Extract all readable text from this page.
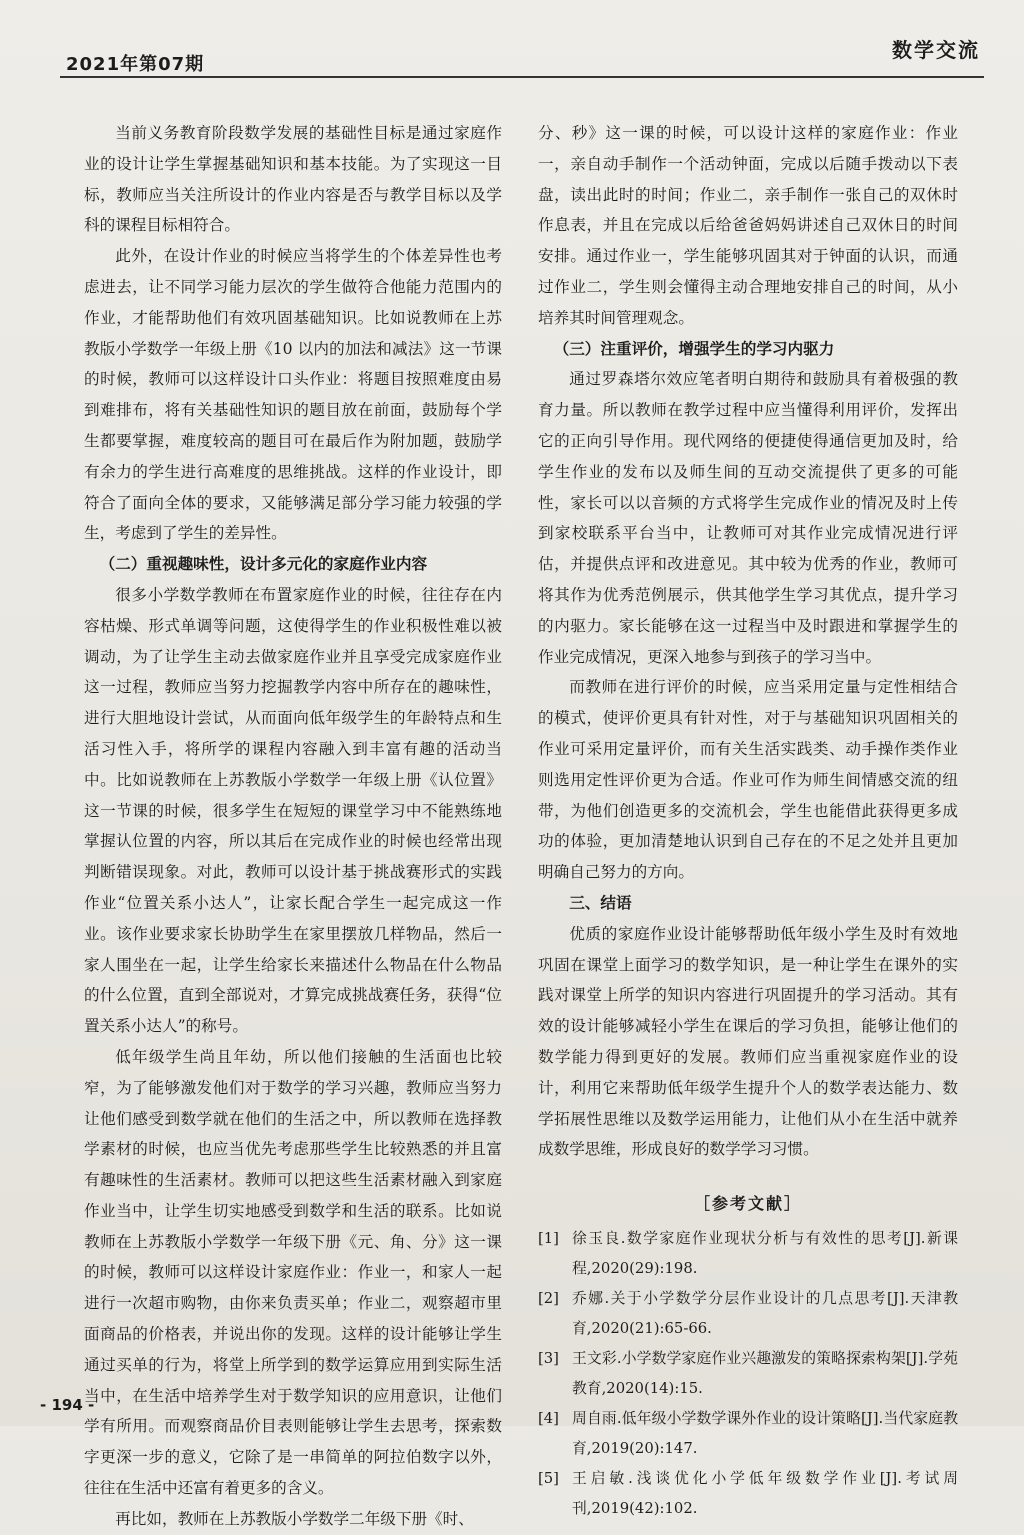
2021年第07期
数学交流

当前义务教育阶段数学发展的基础性目标是通过家庭作业的设计让学生掌握基础知识和基本技能。为了实现这一目标，教师应当关注所设计的作业内容是否与教学目标以及学科的课程目标相符合。

此外，在设计作业的时候应当将学生的个体差异性也考虑进去，让不同学习能力层次的学生做符合他能力范围内的作业，才能帮助他们有效巩固基础知识。比如说教师在上苏教版小学数学一年级上册《10 以内的加法和减法》这一节课的时候，教师可以这样设计口头作业：将题目按照难度由易到难排布，将有关基础性知识的题目放在前面，鼓励每个学生都要掌握，难度较高的题目可在最后作为附加题，鼓励学有余力的学生进行高难度的思维挑战。这样的作业设计，即符合了面向全体的要求，又能够满足部分学习能力较强的学生，考虑到了学生的差异性。

（二）重视趣味性，设计多元化的家庭作业内容

很多小学数学教师在布置家庭作业的时候，往往存在内容枯燥、形式单调等问题，这使得学生的作业积极性难以被调动，为了让学生主动去做家庭作业并且享受完成家庭作业这一过程，教师应当努力挖掘教学内容中所存在的趣味性，进行大胆地设计尝试，从而面向低年级学生的年龄特点和生活习性入手，将所学的课程内容融入到丰富有趣的活动当中。比如说教师在上苏教版小学数学一年级上册《认位置》这一节课的时候，很多学生在短短的课堂学习中不能熟练地掌握认位置的内容，所以其后在完成作业的时候也经常出现判断错误现象。对此，教师可以设计基于挑战赛形式的实践作业“位置关系小达人”，让家长配合学生一起完成这一作业。该作业要求家长协助学生在家里摆放几样物品，然后一家人围坐在一起，让学生给家长来描述什么物品在什么物品的什么位置，直到全部说对，才算完成挑战赛任务，获得“位置关系小达人”的称号。

低年级学生尚且年幼，所以他们接触的生活面也比较窄，为了能够激发他们对于数学的学习兴趣，教师应当努力让他们感受到数学就在他们的生活之中，所以教师在选择教学素材的时候，也应当优先考虑那些学生比较熟悉的并且富有趣味性的生活素材。教师可以把这些生活素材融入到家庭作业当中，让学生切实地感受到数学和生活的联系。比如说教师在上苏教版小学数学一年级下册《元、角、分》这一课的时候，教师可以这样设计家庭作业：作业一，和家人一起进行一次超市购物，由你来负责买单；作业二，观察超市里面商品的价格表，并说出你的发现。这样的设计能够让学生通过买单的行为，将堂上所学到的数学运算应用到实际生活当中，在生活中培养学生对于数学知识的应用意识，让他们学有所用。而观察商品价目表则能够让学生去思考，探索数字更深一步的意义，它除了是一串简单的阿拉伯数字以外，往往在生活中还富有着更多的含义。

再比如，教师在上苏教版小学数学二年级下册《时、

分、秒》这一课的时候，可以设计这样的家庭作业：作业一，亲自动手制作一个活动钟面，完成以后随手拨动以下表盘，读出此时的时间；作业二，亲手制作一张自己的双休时作息表，并且在完成以后给爸爸妈妈讲述自己双休日的时间安排。通过作业一，学生能够巩固其对于钟面的认识，而通过作业二，学生则会懂得主动合理地安排自己的时间，从小培养其时间管理观念。

（三）注重评价，增强学生的学习内驱力

通过罗森塔尔效应笔者明白期待和鼓励具有着极强的教育力量。所以教师在教学过程中应当懂得利用评价，发挥出它的正向引导作用。现代网络的便捷使得通信更加及时，给学生作业的发布以及师生间的互动交流提供了更多的可能性，家长可以以音频的方式将学生完成作业的情况及时上传到家校联系平台当中，让教师可对其作业完成情况进行评估，并提供点评和改进意见。其中较为优秀的作业，教师可将其作为优秀范例展示，供其他学生学习其优点，提升学习的内驱力。家长能够在这一过程当中及时跟进和掌握学生的作业完成情况，更深入地参与到孩子的学习当中。

而教师在进行评价的时候，应当采用定量与定性相结合的模式，使评价更具有针对性，对于与基础知识巩固相关的作业可采用定量评价，而有关生活实践类、动手操作类作业则选用定性评价更为合适。作业可作为师生间情感交流的纽带，为他们创造更多的交流机会，学生也能借此获得更多成功的体验，更加清楚地认识到自己存在的不足之处并且更加明确自己努力的方向。

三、结语

优质的家庭作业设计能够帮助低年级小学生及时有效地巩固在课堂上面学习的数学知识，是一种让学生在课外的实践对课堂上所学的知识内容进行巩固提升的学习活动。其有效的设计能够减轻小学生在课后的学习负担，能够让他们的数学能力得到更好的发展。教师们应当重视家庭作业的设计，利用它来帮助低年级学生提升个人的数学表达能力、数学拓展性思维以及数学运用能力，让他们从小在生活中就养成数学思维，形成良好的数学学习习惯。

［参考文献］
[1] 徐玉良.数学家庭作业现状分析与有效性的思考[J].新课程,2020(29):198.
[2] 乔娜.关于小学数学分层作业设计的几点思考[J].天津教育,2020(21):65-66.
[3] 王文彩.小学数学家庭作业兴趣激发的策略探索构架[J].学苑教育,2020(14):15.
[4] 周自雨.低年级小学数学课外作业的设计策略[J].当代家庭教育,2019(20):147.
[5] 王启敏.浅谈优化小学低年级数学作业[J].考试周刊,2019(42):102.
- 194 -
